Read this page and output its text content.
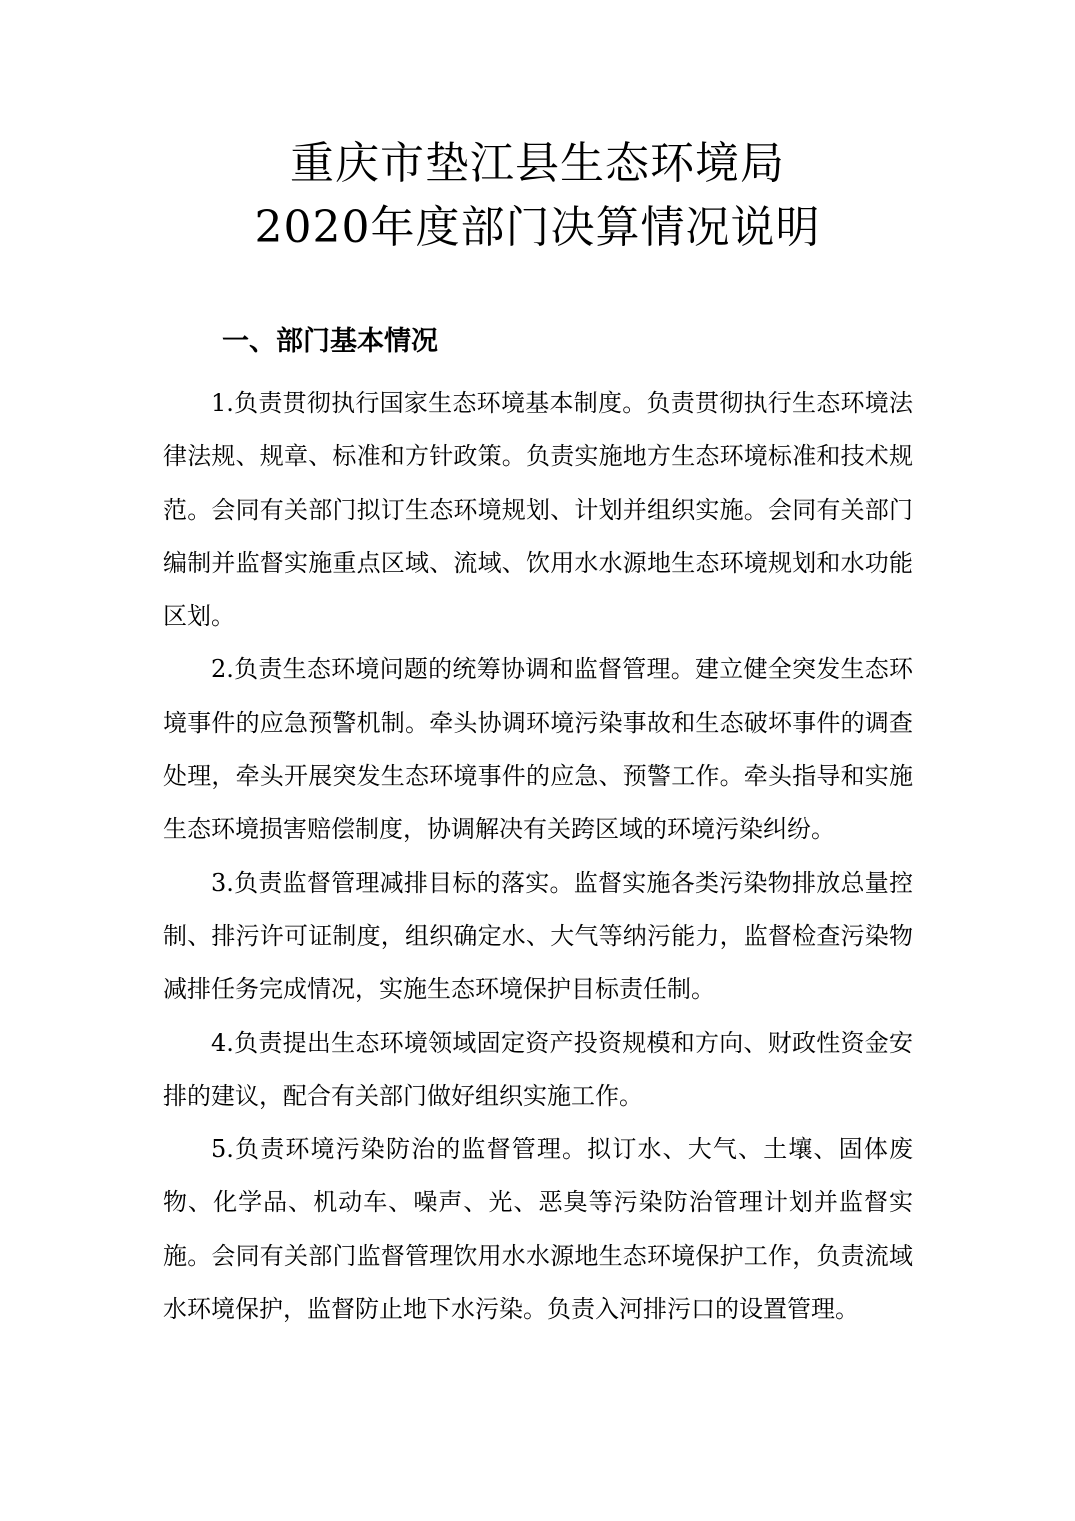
重庆市垫江县生态环境局
2020年度部门决算情况说明
一、部门基本情况

1.负责贯彻执行国家生态环境基本制度。负责贯彻执行生态环境法律法规、规章、标准和方针政策。负责实施地方生态环境标准和技术规范。会同有关部门拟订生态环境规划、计划并组织实施。会同有关部门编制并监督实施重点区域、流域、饮用水水源地生态环境规划和水功能区划。

2.负责生态环境问题的统筹协调和监督管理。建立健全突发生态环境事件的应急预警机制。牵头协调环境污染事故和生态破坏事件的调查处理，牵头开展突发生态环境事件的应急、预警工作。牵头指导和实施生态环境损害赔偿制度，协调解决有关跨区域的环境污染纠纷。

3.负责监督管理减排目标的落实。监督实施各类污染物排放总量控制、排污许可证制度，组织确定水、大气等纳污能力，监督检查污染物减排任务完成情况，实施生态环境保护目标责任制。

4.负责提出生态环境领域固定资产投资规模和方向、财政性资金安排的建议，配合有关部门做好组织实施工作。

5.负责环境污染防治的监督管理。拟订水、大气、土壤、固体废物、化学品、机动车、噪声、光、恶臭等污染防治管理计划并监督实施。会同有关部门监督管理饮用水水源地生态环境保护工作，负责流域水环境保护，监督防止地下水污染。负责入河排污口的设置管理。
